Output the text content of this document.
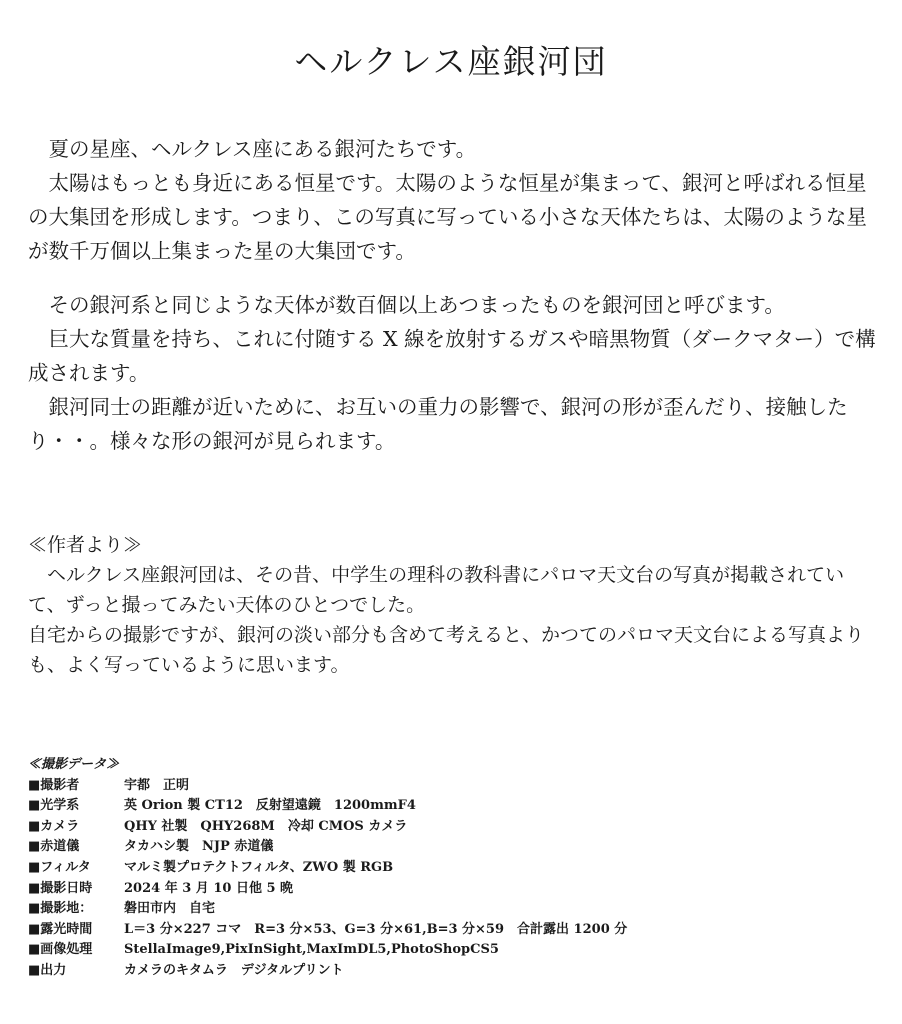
ヘルクレス座銀河団

　夏の星座、ヘルクレス座にある銀河たちです。

　太陽はもっとも身近にある恒星です。太陽のような恒星が集まって、銀河と呼ばれる恒星の大集団を形成します。つまり、この写真に写っている小さな天体たちは、太陽のような星が数千万個以上集まった星の大集団です。

　その銀河系と同じような天体が数百個以上あつまったものを銀河団と呼びます。

　巨大な質量を持ち、これに付随する X 線を放射するガスや暗黒物質（ダークマター）で構成されます。

　銀河同士の距離が近いために、お互いの重力の影響で、銀河の形が歪んだり、接触したり・・。様々な形の銀河が見られます。

≪作者より≫

　ヘルクレス座銀河団は、その昔、中学生の理科の教科書にパロマ天文台の写真が掲載されていて、ずっと撮ってみたい天体のひとつでした。

自宅からの撮影ですが、銀河の淡い部分も含めて考えると、かつてのパロマ天文台による写真よりも、よく写っているように思います。

≪撮影データ≫
■撮影者	宇都　正明
■光学系	英 Orion 製 CT12　反射望遠鏡　1200mmF4
■カメラ	QHY 社製　QHY268M　冷却 CMOS カメラ
■赤道儀	タカハシ製　NJP 赤道儀
■フィルタ	マルミ製プロテクトフィルタ、ZWO 製 RGB
■撮影日時	2024 年 3 月 10 日他 5 晩
■撮影地：	磐田市内　自宅
■露光時間	L＝3 分×227 コマ　R=3 分×53、G=3 分×61,B=3 分×59　合計露出 1200 分
■画像処理	StellaImage9,PixInSight,MaxImDL5,PhotoShopCS5
■出力	カメラのキタムラ　デジタルプリント
